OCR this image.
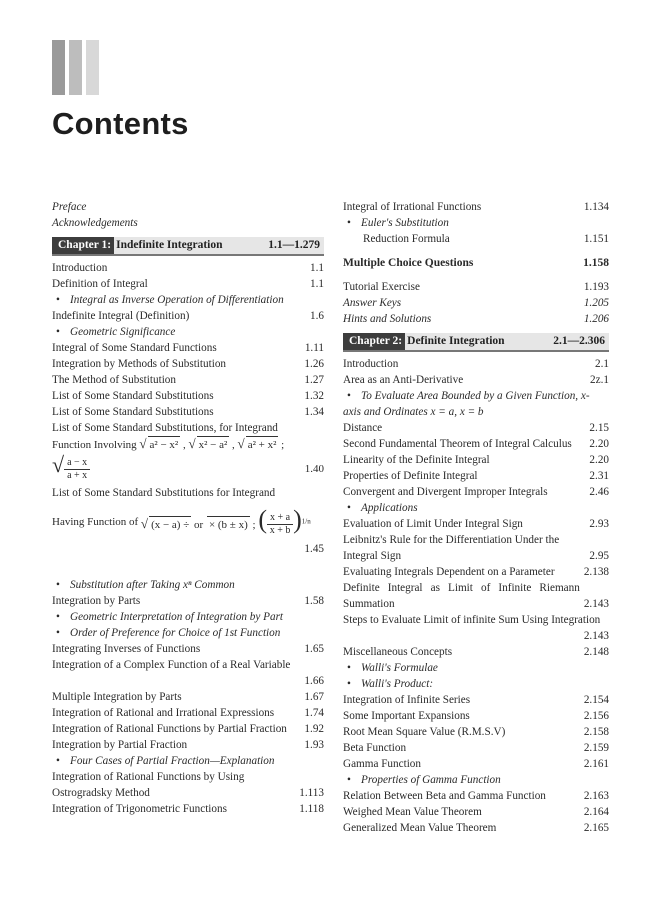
Contents
Preface
Acknowledgements
Chapter 1: Indefinite Integration	1.1—1.279
Introduction	1.1
Definition of Integral	1.1
• Integral as Inverse Operation of Differentiation
Indefinite Integral (Definition)	1.6
• Geometric Significance
Integral of Some Standard Functions	1.11
Integration by Methods of Substitution	1.26
The Method of Substitution	1.27
List of Some Standard Substitutions	1.32
List of Some Standard Substitutions	1.34
List of Some Standard Substitutions, for Integrand
Function Involving
√ a² − x² , √ x² − a² , √ a² + x² ;
√ $\frac{a - x}{a + x}$	1.40
List of Some Standard Substitutions for Integrand
Having Function of
√ (x − a) ÷ or × (b ± x) ; ( $\frac{x + a}{x + b} )^{1/n}$
1.45
• Substitution after Taking xⁿ Common
Integration by Parts	1.58
• Geometric Interpretation of Integration by Part
• Order of Preference for Choice of 1st Function
Integrating Inverses of Functions	1.65
Integration of a Complex Function of a Real Variable
1.66
Multiple Integration by Parts	1.67
Integration of Rational and Irrational Expressions	1.74
Integration of Rational Functions by Partial Fraction	1.92
Integration by Partial Fraction	1.93
• Four Cases of Partial Fraction—Explanation
Integration of Rational Functions by Using Ostrogradsky Method	1.113
Integration of Trigonometric Functions	1.118
Integral of Irrational Functions	1.134
• Euler's Substitution
Reduction Formula	1.151
Multiple Choice Questions	1.158
Tutorial Exercise	1.193
Answer Keys	1.205
Hints and Solutions	1.206
Chapter 2: Definite Integration	2.1—2.306
Introduction	2.1
Area as an Anti-Derivative	2z.1
• To Evaluate Area Bounded by a Given Function, x-axis and Ordinates x = a, x = b
Distance	2.15
Second Fundamental Theorem of Integral Calculus	2.20
Linearity of the Definite Integral	2.20
Properties of Definite Integral	2.31
Convergent and Divergent Improper Integrals	2.46
• Applications
Evaluation of Limit Under Integral Sign	2.93
Leibnitz's Rule for the Differentiation Under the Integral Sign	2.95
Evaluating Integrals Dependent on a Parameter	2.138
Definite Integral as Limit of Infinite Riemann Summation	2.143
Steps to Evaluate Limit of infinite Sum Using Integration
2.143
Miscellaneous Concepts	2.148
• Walli's Formulae
• Walli's Product:
Integration of Infinite Series	2.154
Some Important Expansions	2.156
Root Mean Square Value (R.M.S.V)	2.158
Beta Function	2.159
Gamma Function	2.161
• Properties of Gamma Function
Relation Between Beta and Gamma Function	2.163
Weighed Mean Value Theorem	2.164
Generalized Mean Value Theorem	2.165
